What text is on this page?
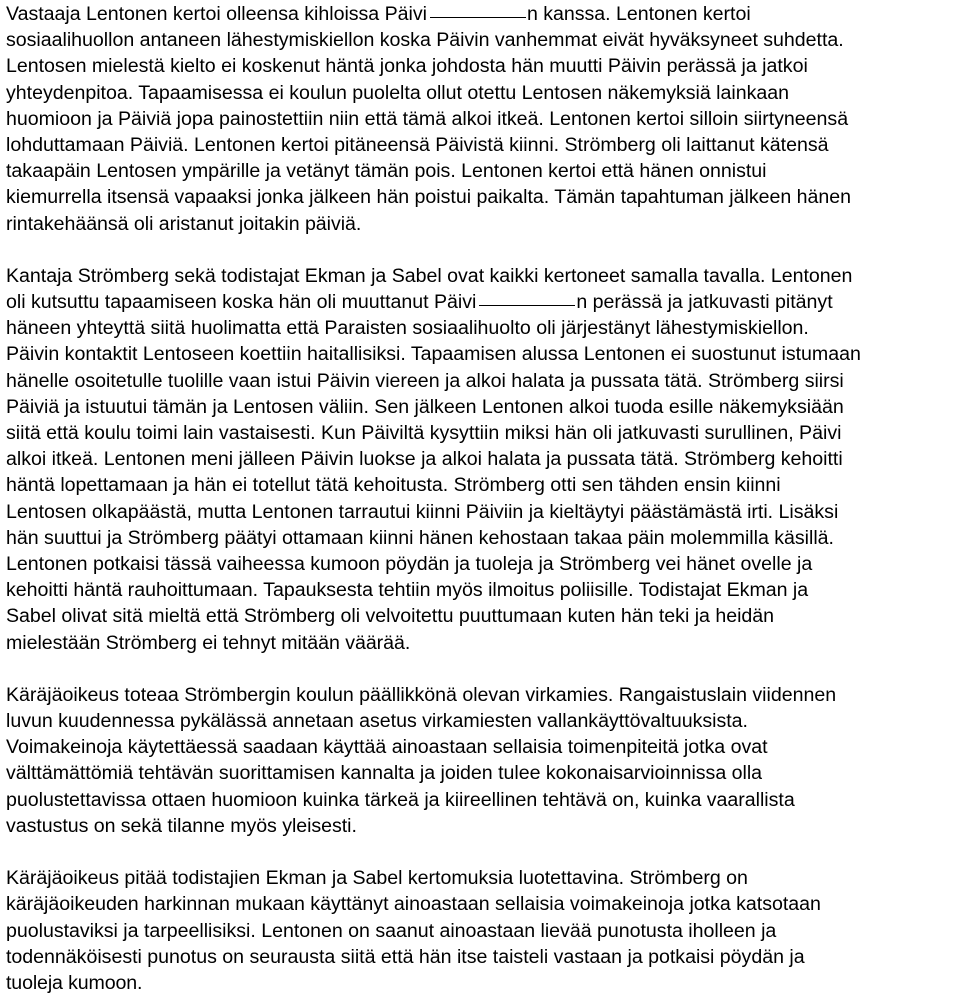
Vastaaja Lentonen kertoi olleensa kihloissa Päivi	n kanssa. Lentonen kertoi
sosiaalihuollon antaneen lähestymiskiellon koska Päivin vanhemmat eivät hyväksyneet suhdetta.
Lentosen mielestä kielto ei koskenut häntä jonka johdosta hän muutti Päivin perässä ja jatkoi
yhteydenpitoa. Tapaamisessa ei koulun puolelta ollut otettu Lentosen näkemyksiä lainkaan
huomioon ja Päiviä jopa painostettiin niin että tämä alkoi itkeä. Lentonen kertoi silloin siirtyneensä
lohduttamaan Päiviä. Lentonen kertoi pitäneensä Päivistä kiinni. Strömberg oli laittanut kätensä
takaapäin Lentosen ympärille ja vetänyt tämän pois. Lentonen kertoi että hänen onnistui
kiemurrella itsensä vapaaksi jonka jälkeen hän poistui paikalta. Tämän tapahtuman jälkeen hänen
rintakehäänsä oli aristanut joitakin päiviä.

Kantaja Strömberg sekä todistajat Ekman ja Sabel ovat kaikki kertoneet samalla tavalla. Lentonen
oli kutsuttu tapaamiseen koska hän oli muuttanut Päivi	n perässä ja jatkuvasti pitänyt
häneen yhteyttä siitä huolimatta että Paraisten sosiaalihuolto oli järjestänyt lähestymiskiellon.
Päivin kontaktit Lentoseen koettiin haitallisiksi. Tapaamisen alussa Lentonen ei suostunut istumaan
hänelle osoitetulle tuolille vaan istui Päivin viereen ja alkoi halata ja pussata tätä. Strömberg siirsi
Päiviä ja istuutui tämän ja Lentosen väliin. Sen jälkeen Lentonen alkoi tuoda esille näkemyksiään
siitä että koulu toimi lain vastaisesti. Kun Päiviltä kysyttiin miksi hän oli jatkuvasti surullinen, Päivi
alkoi itkeä. Lentonen meni jälleen Päivin luokse ja alkoi halata ja pussata tätä. Strömberg kehoitti
häntä lopettamaan ja hän ei totellut tätä kehoitusta. Strömberg otti sen tähden ensin kiinni
Lentosen olkapäästä, mutta Lentonen tarrautui kiinni Päiviin ja kieltäytyi päästämästä irti. Lisäksi
hän suuttui ja Strömberg päätyi ottamaan kiinni hänen kehostaan takaa päin molemmilla käsillä.
Lentonen potkaisi tässä vaiheessa kumoon pöydän ja tuoleja ja Strömberg vei hänet ovelle ja
kehoitti häntä rauhoittumaan. Tapauksesta tehtiin myös ilmoitus poliisille. Todistajat Ekman ja
Sabel olivat sitä mieltä että Strömberg oli velvoitettu puuttumaan kuten hän teki ja heidän
mielestään Strömberg ei tehnyt mitään väärää.

Käräjäoikeus toteaa Strömbergin koulun päällikkönä olevan virkamies. Rangaistuslain viidennen
luvun kuudennessa pykälässä annetaan asetus virkamiesten vallankäyttövaltuuksista.
Voimakeinoja käytettäessä saadaan käyttää ainoastaan sellaisia toimenpiteitä jotka ovat
välttämättömiä tehtävän suorittamisen kannalta ja joiden tulee kokonaisarvioinnissa olla
puolustettavissa ottaen huomioon kuinka tärkeä ja kiireellinen tehtävä on, kuinka vaarallista
vastustus on sekä tilanne myös yleisesti.

Käräjäoikeus pitää todistajien Ekman ja Sabel kertomuksia luotettavina. Strömberg on
käräjäoikeuden harkinnan mukaan käyttänyt ainoastaan sellaisia voimakeinoja jotka katsotaan
puolustaviksi ja tarpeellisiksi. Lentonen on saanut ainoastaan lievää punotusta iholleen ja
todennäköisesti punotus on seurausta siitä että hän itse taisteli vastaan ja potkaisi pöydän ja
tuoleja kumoon.
